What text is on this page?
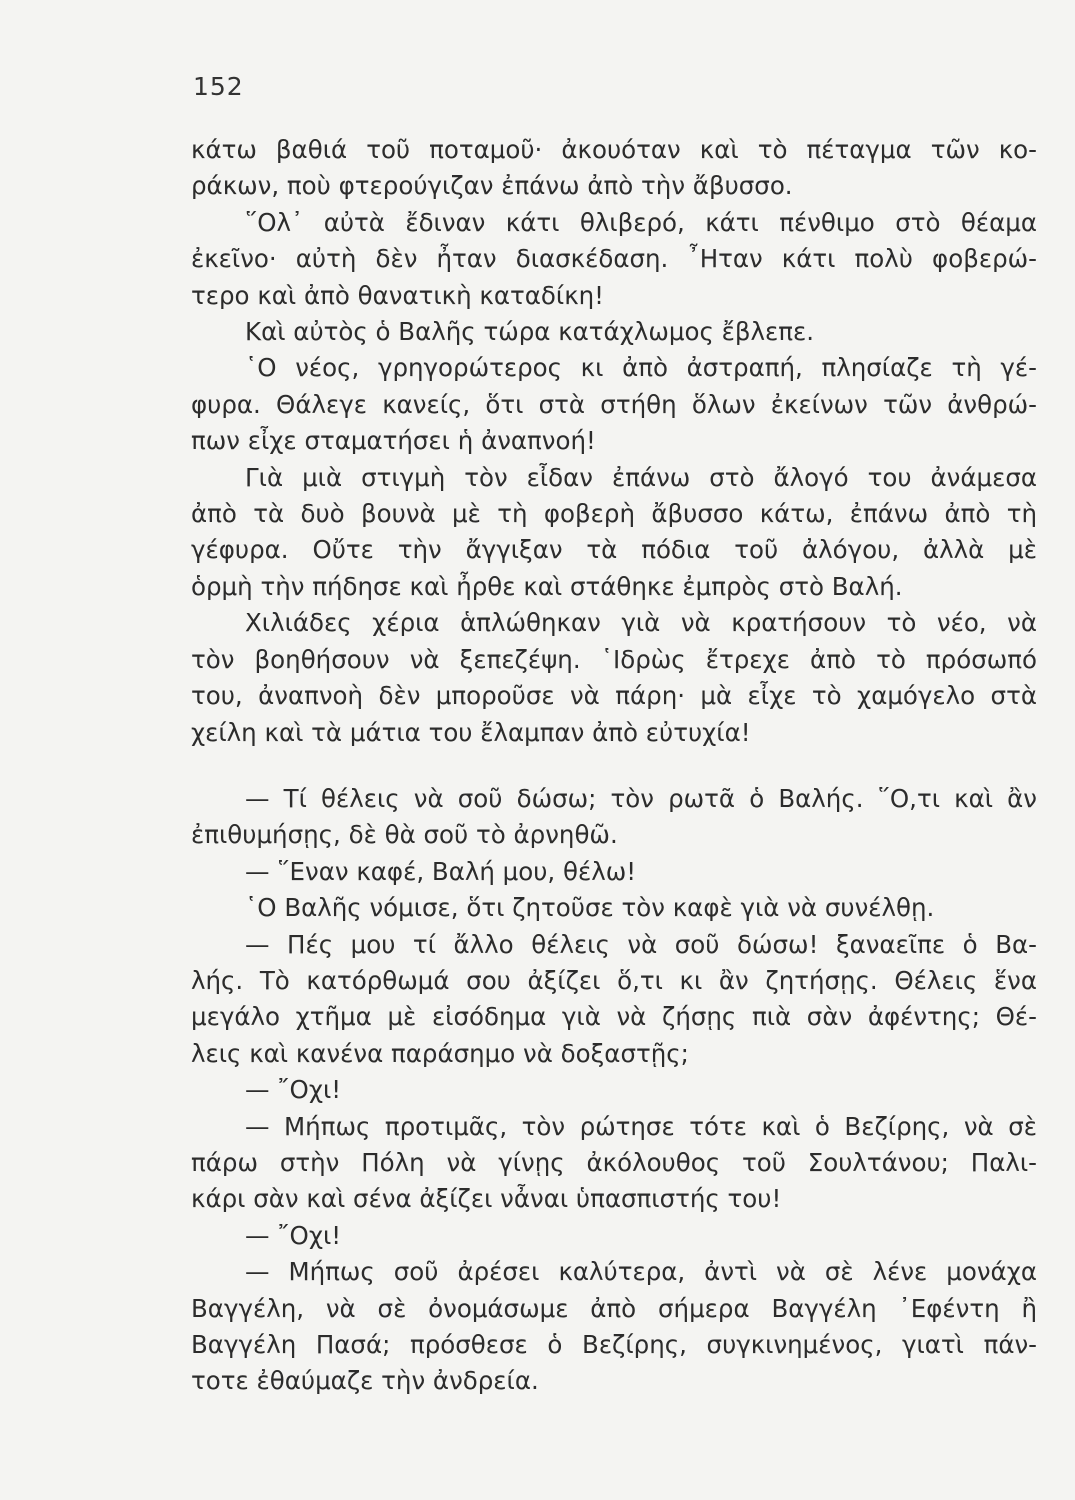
152

κάτω βαθιά τοῦ ποταμοῦ· ἀκουόταν καὶ τὸ πέταγμα τῶν κο-
ράκων, ποὺ φτερούγιζαν ἐπάνω ἀπὸ τὴν ἄβυσσο.

῞Ολ᾽ αὐτὰ ἔδιναν κάτι θλιβερό, κάτι πένθιμο στὸ θέαμα
ἐκεῖνο· αὐτὴ δὲν ἦταν διασκέδαση. ῏Ηταν κάτι πολὺ φοβερώ-
τερο καὶ ἀπὸ θανατικὴ καταδίκη!

Καὶ αὐτὸς ὁ Βαλῆς τώρα κατάχλωμος ἔβλεπε.

῾Ο νέος, γρηγορώτερος κι ἀπὸ ἀστραπή, πλησίαζε τὴ γέ-
φυρα. Θάλεγε κανείς, ὅτι στὰ στήθη ὅλων ἐκείνων τῶν ἀνθρώ-
πων εἶχε σταματήσει ἡ ἀναπνοή!

Γιὰ μιὰ στιγμὴ τὸν εἶδαν ἐπάνω στὸ ἄλογό του ἀνάμεσα
ἀπὸ τὰ δυὸ βουνὰ μὲ τὴ φοβερὴ ἄβυσσο κάτω, ἐπάνω ἀπὸ τὴ
γέφυρα. Οὔτε τὴν ἄγγιξαν τὰ πόδια τοῦ ἀλόγου, ἀλλὰ μὲ
ὁρμὴ τὴν πήδησε καὶ ἦρθε καὶ στάθηκε ἐμπρὸς στὸ Βαλή.

Χιλιάδες χέρια ἁπλώθηκαν γιὰ νὰ κρατήσουν τὸ νέο, νὰ
τὸν βοηθήσουν νὰ ξεπεζέψη. ῾Ιδρὼς ἔτρεχε ἀπὸ τὸ πρόσωπό
του, ἀναπνοὴ δὲν μποροῦσε νὰ πάρη· μὰ εἶχε τὸ χαμόγελο στὰ
χείλη καὶ τὰ μάτια του ἔλαμπαν ἀπὸ εὐτυχία!

— Τί θέλεις νὰ σοῦ δώσω; τὸν ρωτᾶ ὁ Βαλής. ῞Ο,τι καὶ ἂν
ἐπιθυμήσῃς, δὲ θὰ σοῦ τὸ ἀρνηθῶ.

— ῞Εναν καφέ, Βαλή μου, θέλω!

῾Ο Βαλῆς νόμισε, ὅτι ζητοῦσε τὸν καφὲ γιὰ νὰ συνέλθῃ.

— Πές μου τί ἄλλο θέλεις νὰ σοῦ δώσω! ξαναεῖπε ὁ Βα-
λής. Τὸ κατόρθωμά σου ἀξίζει ὅ,τι κι ἂν ζητήσῃς. Θέλεις ἕνα
μεγάλο χτῆμα μὲ εἰσόδημα γιὰ νὰ ζήσῃς πιὰ σὰν ἀφέντης; Θέ-
λεις καὶ κανένα παράσημο νὰ δοξαστῇς;

— ῎Οχι!

— Μήπως προτιμᾶς, τὸν ρώτησε τότε καὶ ὁ Βεζίρης, νὰ σὲ
πάρω στὴν Πόλη νὰ γίνῃς ἀκόλουθος τοῦ Σουλτάνου; Παλι-
κάρι σὰν καὶ σένα ἀξίζει νἆναι ὑπασπιστής του!

— ῎Οχι!

— Μήπως σοῦ ἀρέσει καλύτερα, ἀντὶ νὰ σὲ λένε μονάχα
Βαγγέλη, νὰ σὲ ὀνομάσωμε ἀπὸ σήμερα Βαγγέλη ᾿Εφέντη ἢ
Βαγγέλη Πασά; πρόσθεσε ὁ Βεζίρης, συγκινημένος, γιατὶ πάν-
τοτε ἐθαύμαζε τὴν ἀνδρεία.
